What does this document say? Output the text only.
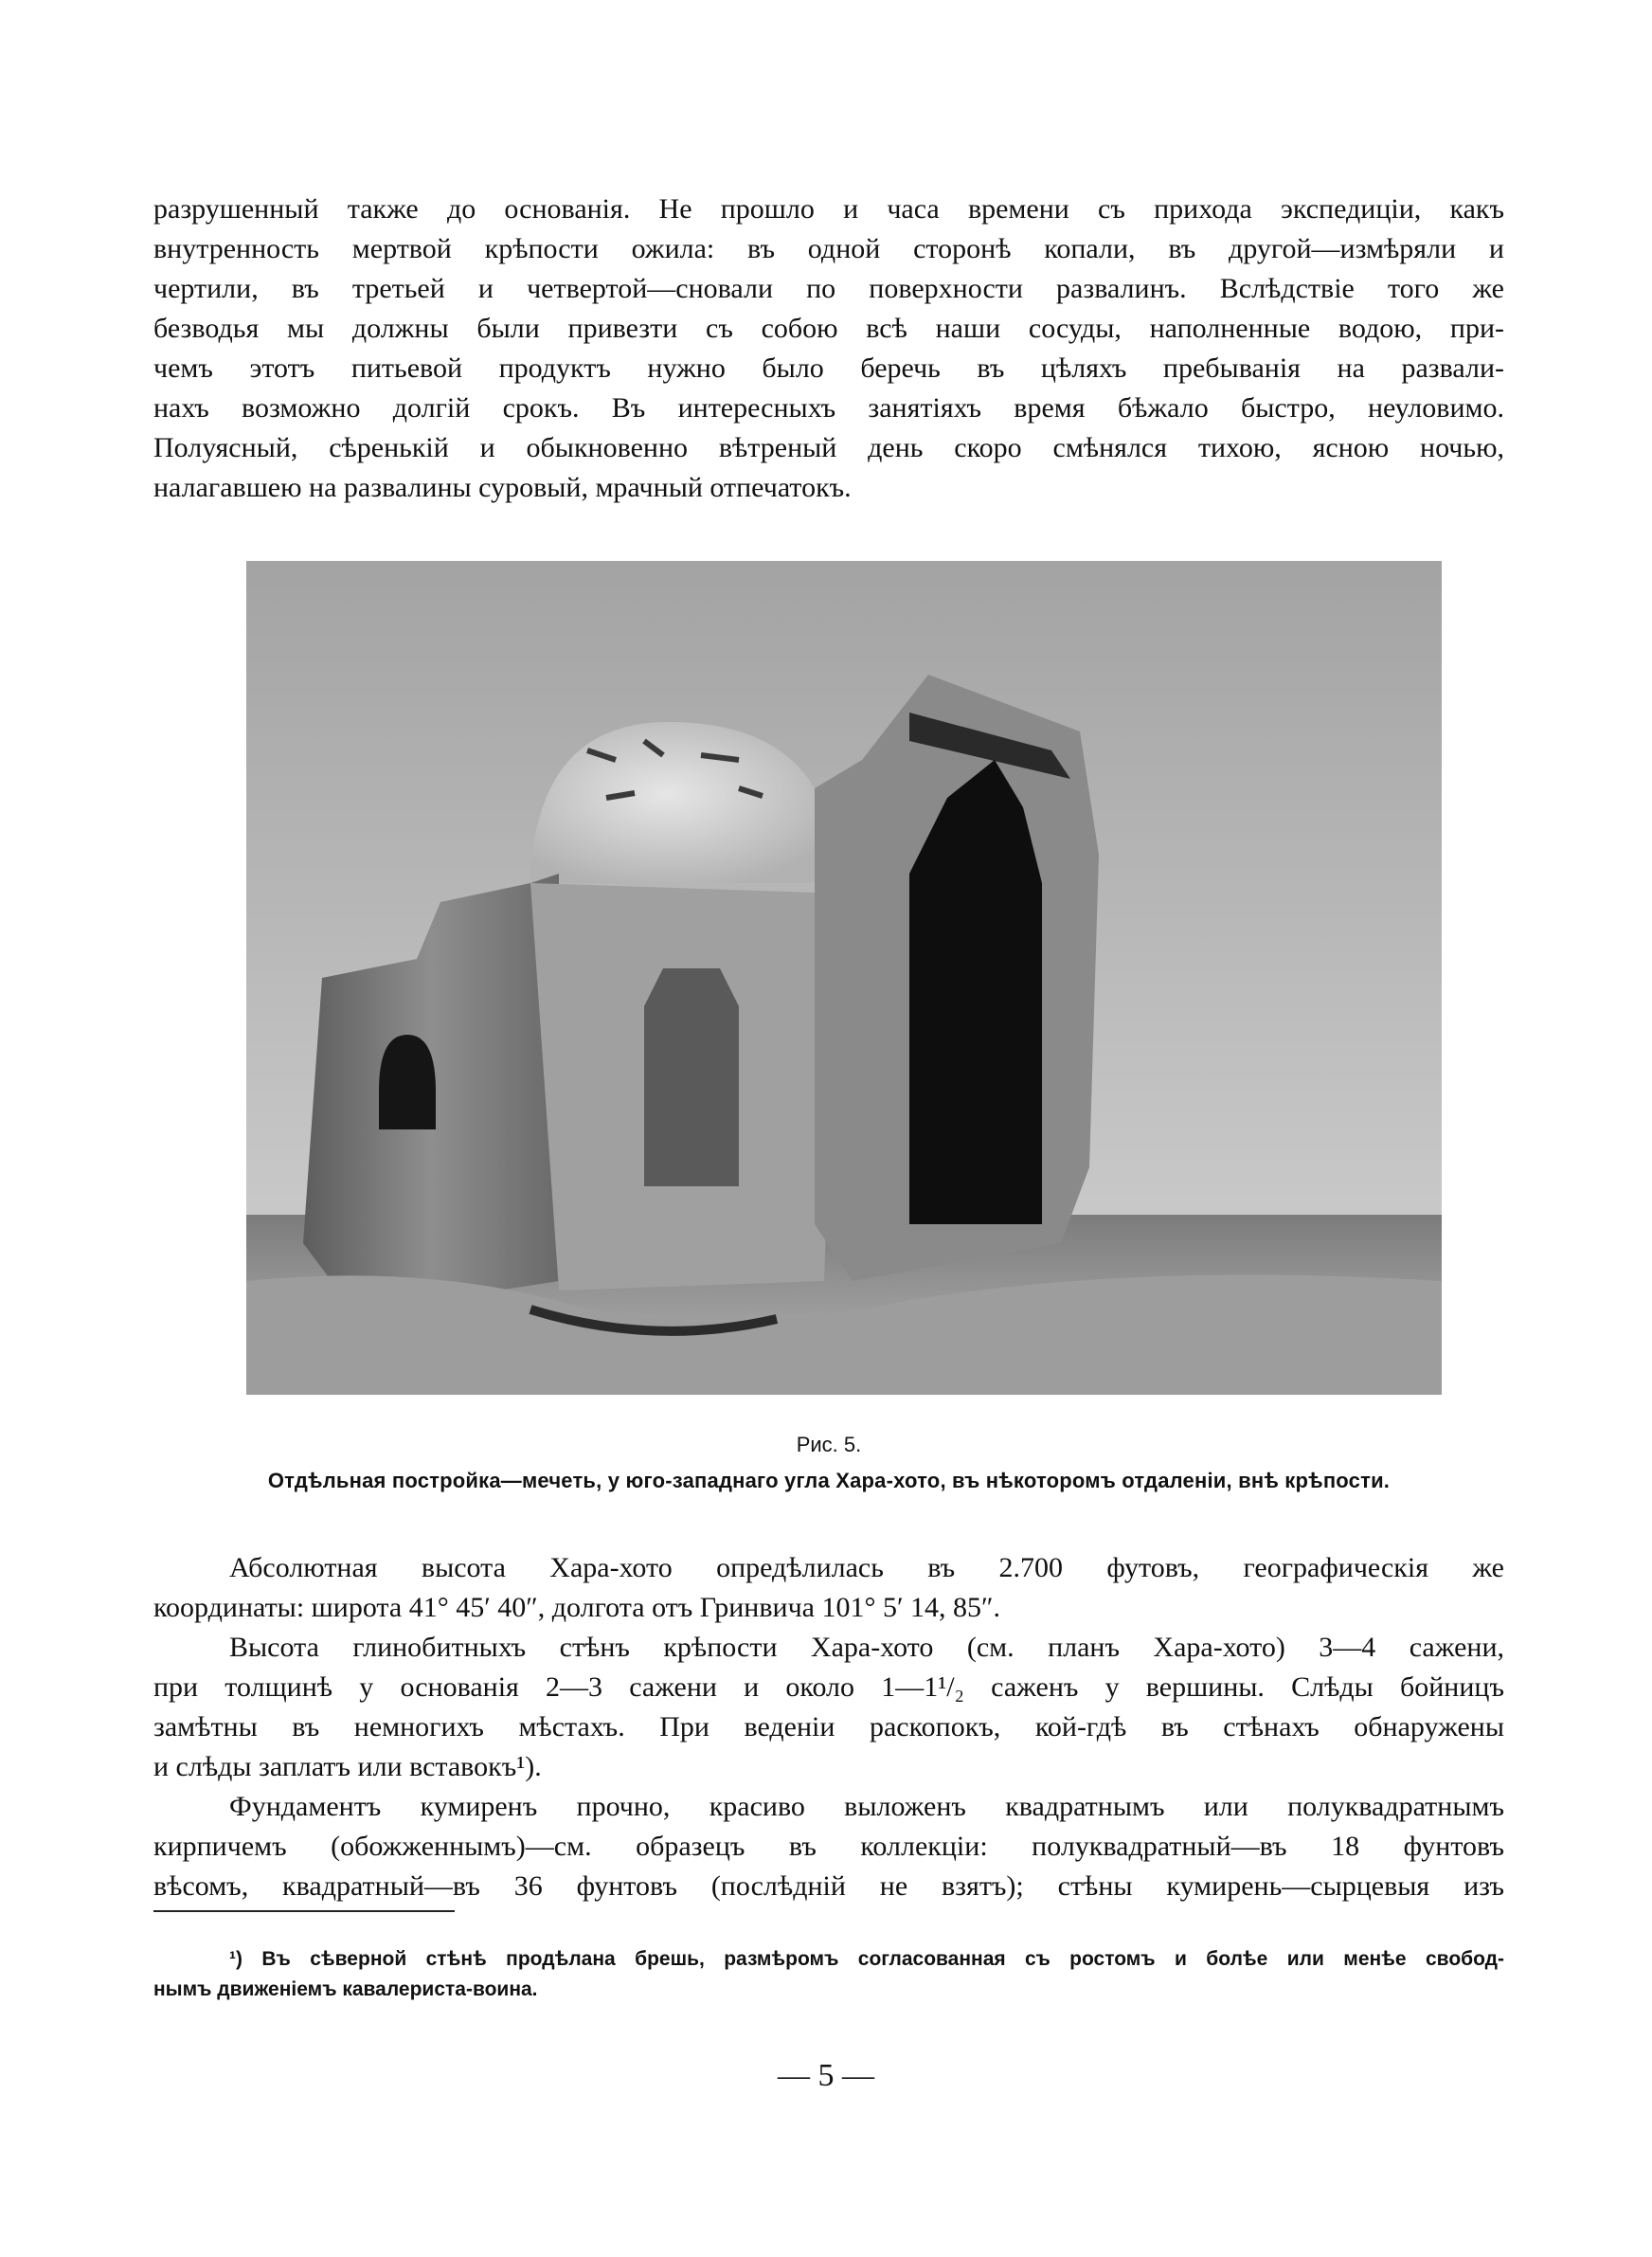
разрушенный также до основанія. Не прошло и часа времени съ прихода экспедиціи, какъ
внутренность мертвой крѣпости ожила: въ одной сторонѣ копали, въ другой—измѣряли и
чертили, въ третьей и четвертой—сновали по поверхности развалинъ. Вслѣдствіе того же
безводья мы должны были привезти съ собою всѣ наши сосуды, наполненные водою, при-
чемъ этотъ питьевой продуктъ нужно было беречь въ цѣляхъ пребыванія на развали-
нахъ возможно долгій срокъ. Въ интересныхъ занятіяхъ время бѣжало быстро, неуловимо.
Полуясный, сѣренькій и обыкновенно вѣтреный день скоро смѣнялся тихою, ясною ночью,
налагавшею на развалины суровый, мрачный отпечатокъ.

Рис. 5.

Отдѣльная постройка—мечеть, у юго-западнаго угла Хара-хото, въ нѣкоторомъ отдаленіи, внѣ крѣпости.

Абсолютная высота Хара-хото опредѣлилась въ 2.700 футовъ, географическія же
координаты: широта 41° 45′ 40″, долгота отъ Гринвича 101° 5′ 14, 85″.

Высота глинобитныхъ стѣнъ крѣпости Хара-хото (см. планъ Хара-хото) 3—4 сажени,
при толщинѣ у основанія 2—3 сажени и около 1—1¹/₂ саженъ у вершины. Слѣды бойницъ
замѣтны въ немногихъ мѣстахъ. При веденіи раскопокъ, кой-гдѣ въ стѣнахъ обнаружены
и слѣды заплатъ или вставокъ¹).

Фундаментъ кумиренъ прочно, красиво выложенъ квадратнымъ или полуквадратнымъ
кирпичемъ (обожженнымъ)—см. образецъ въ коллекціи: полуквадратный—въ 18 фунтовъ
вѣсомъ, квадратный—въ 36 фунтовъ (послѣдній не взятъ); стѣны кумирень—сырцевыя изъ

¹) Въ сѣверной стѣнѣ продѣлана брешь, размѣромъ согласованная съ ростомъ и болѣе или менѣе свобод-
нымъ движеніемъ кавалериста-воина.

— 5 —
